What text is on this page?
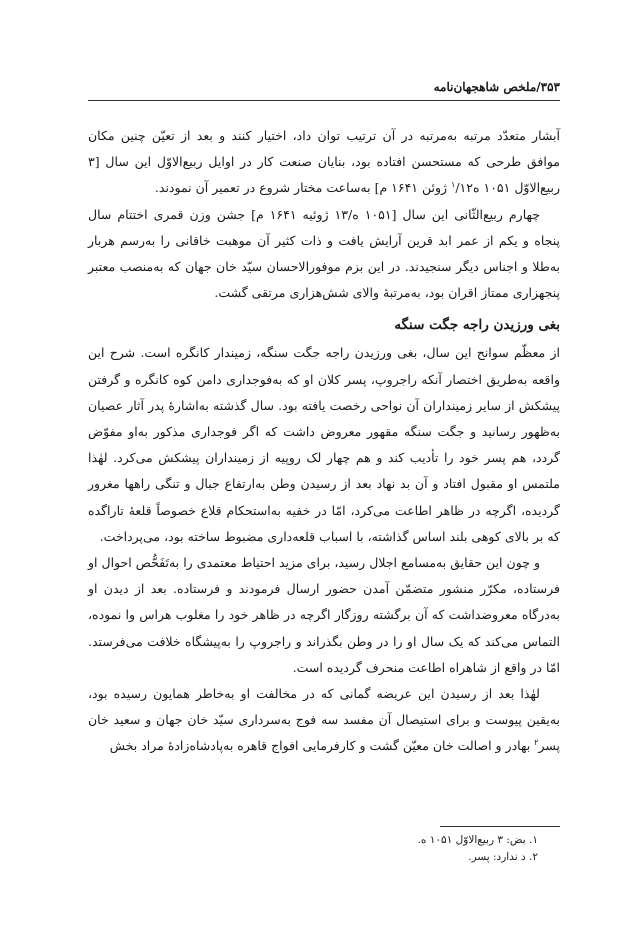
۳۵۳/ملخص شاهجهان‌نامه

آبشار متعدّد مرتبه به‌مرتبه در آن ترتیب توان داد، اختیار کنند و بعد از تعیّن چنین مکان موافق طرحی که مستحسن افتاده بود، بنایان صنعت کار در اوایل ربیع‌الاوّل این سال [۳ ربیع‌الاوّل ۱۰۵۱ ه$^۱$/۱۲ ژوئن ۱۶۴۱ م] به‌ساعت مختار شروع در تعمیر آن نمودند.

چهارم ربیع‌الثّانی این سال [۱۰۵۱ ه/۱۳ ژوئیه ۱۶۴۱ م] جشن وزن قمری اختتام سال پنجاه و یکم از عمر ابد قرین آرایش یافت و ذات کثیر آن موهبت خاقانی را به‌رسم هربار به‌طلا و اجناس دیگر سنجیدند. در این بزم موفورالاحسان سیّد خان جهان که به‌منصب معتبر پنجهزاری ممتاز اقران بود، به‌مرتبهٔ والای شش‌هزاری مرتقی گشت.

بغی ورزیدن راجه جگت سنگه

از معظّم سوانح این سال، بغی ورزیدن راجه جگت سنگه، زمیندار کانگره است. شرح این واقعه به‌طریق اختصار آنکه راجروپ، پسر کلان او که به‌فوجداری دامن کوه کانگره و گرفتن پیشکش از سایر زمینداران آن نواحی رخصت یافته بود. سال گذشته به‌اشارهٔ پدر آثار عصیان به‌ظهور رسانید و جگت سنگه مقهور معروض داشت که اگر فوجداری مذکور به‌او مفوّض گردد، هم پسر خود را تأدیب کند و هم چهار لک روپیه از زمینداران پیشکش می‌کرد. لهٰذا ملتمس او مقبول افتاد و آن بد نهاد بعد از رسیدن وطن به‌ارتفاع جبال و تنگی راهها مغرور گردیده، اگرچه در ظاهر اطاعت می‌کرد، امّا در خفیه به‌استحکام قلاع خصوصاً قلعهٔ تاراگده که بر بالای کوهی بلند اساس گذاشته، با اسباب قلعه‌داری مضبوط ساخته بود، می‌پرداخت.

و چون این حقایق به‌مسامع اجلال رسید، برای مزید احتیاط معتمدی را به‌تَفَحُّص احوال او فرستاده، مکرّر منشور متضمّن آمدن حضور ارسال فرمودند و فرستاده. بعد از دیدن او به‌درگاه معروضداشت که آن برگشته روزگار اگرچه در ظاهر خود را مغلوب هراس وا نموده، التماس می‌کند که یک سال او را در وطن بگذراند و راجروپ را به‌پیشگاه خلافت می‌فرستد. امّا در واقع از شاهراه اطاعت منحرف گردیده است.

لهٰذا بعد از رسیدن این عریضه گمانی که در مخالفت او به‌خاطر همایون رسیده بود، به‌یقین پیوست و برای استیصال آن مفسد سه فوج به‌سرداری سیّد خان جهان و سعید خان پسر$^۲$ بهادر و اصالت خان معیّن گشت و کارفرمایی افواج قاهره به‌پادشاه‌زادهٔ مراد بخش

۱. بض: ۳ ربیع‌الاوّل ۱۰۵۱ ه.
۲. د ندارد: پسر.
